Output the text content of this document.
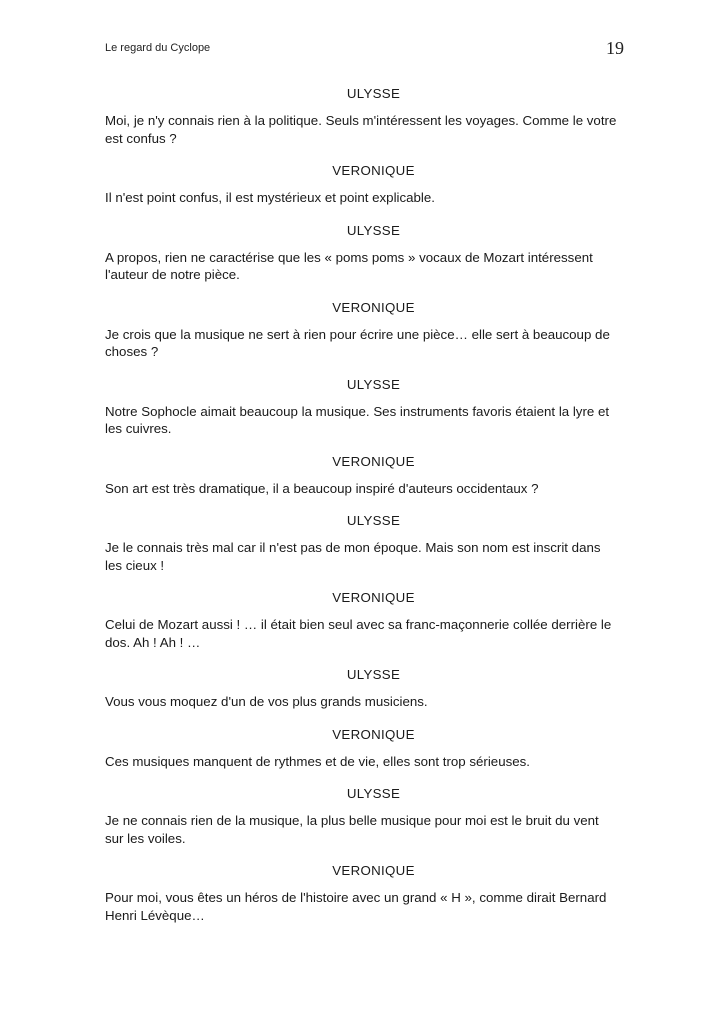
Le regard du Cyclope	19

ULYSSE

Moi, je n'y connais rien à la politique. Seuls m'intéressent les voyages. Comme le votre est confus ?

VERONIQUE

Il n'est point confus, il est mystérieux et point explicable.

ULYSSE

A propos, rien ne caractérise que les « poms poms » vocaux de Mozart intéressent l'auteur de notre pièce.

VERONIQUE

Je crois que la musique ne sert à rien pour écrire une pièce… elle sert à beaucoup de choses ?

ULYSSE

Notre Sophocle aimait beaucoup la musique. Ses instruments favoris étaient la lyre et les cuivres.

VERONIQUE

Son art est très dramatique, il a beaucoup inspiré d'auteurs occidentaux ?

ULYSSE

Je le connais très mal car il n'est pas de mon époque. Mais son nom est inscrit dans les cieux !

VERONIQUE

Celui de Mozart aussi ! … il était bien seul avec sa franc-maçonnerie collée derrière le dos. Ah ! Ah ! …

ULYSSE

Vous vous moquez d'un de vos plus grands musiciens.

VERONIQUE

Ces musiques manquent de rythmes et de vie, elles sont trop sérieuses.

ULYSSE

Je ne connais rien de la musique, la plus belle musique pour moi est le bruit du vent sur les voiles.

VERONIQUE

Pour moi, vous êtes un héros de l'histoire avec un grand « H », comme dirait Bernard Henri Lévèque…
